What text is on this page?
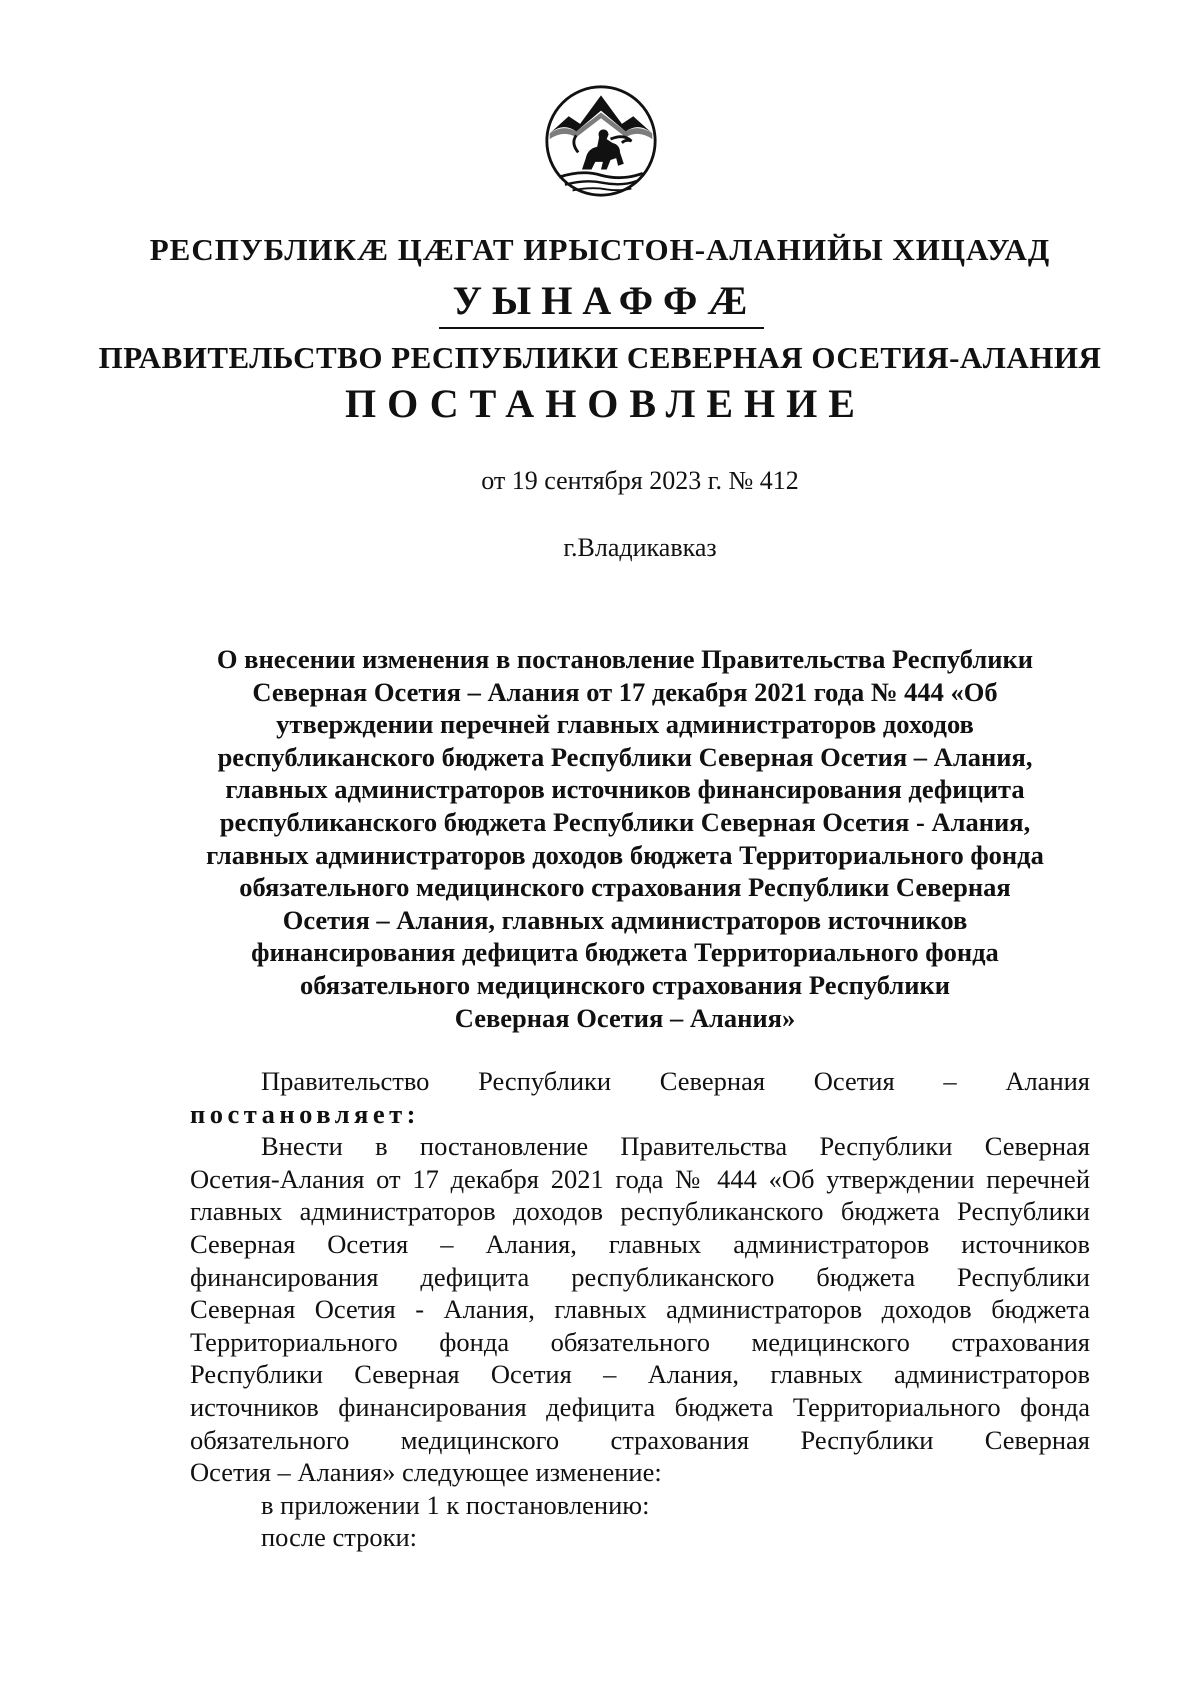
РЕСПУБЛИКӔ ЦӔГАТ ИРЫСТОН-АЛАНИЙЫ ХИЦАУАД
УЫНАФФӔ
ПРАВИТЕЛЬСТВО РЕСПУБЛИКИ СЕВЕРНАЯ ОСЕТИЯ-АЛАНИЯ
ПОСТАНОВЛЕНИЕ
от 19 сентября 2023 г. № 412
г.Владикавказ
О внесении изменения в постановление Правительства Республики
Северная Осетия – Алания от 17 декабря 2021 года № 444 «Об
утверждении перечней главных администраторов доходов
республиканского бюджета Республики Северная Осетия – Алания,
главных администраторов источников финансирования дефицита
республиканского бюджета Республики Северная Осетия - Алания,
главных администраторов доходов бюджета Территориального фонда
обязательного медицинского страхования Республики Северная
Осетия – Алания, главных администраторов источников
финансирования дефицита бюджета Территориального фонда
обязательного медицинского страхования Республики
Северная Осетия – Алания»
Правительство Республики Северная Осетия – Алания
постановляет:
Внести в постановление Правительства Республики Северная
Осетия-Алания от 17 декабря 2021 года № 444 «Об утверждении перечней
главных администраторов доходов республиканского бюджета Республики
Северная Осетия – Алания, главных администраторов источников
финансирования дефицита республиканского бюджета Республики
Северная Осетия - Алания, главных администраторов доходов бюджета
Территориального фонда обязательного медицинского страхования
Республики Северная Осетия – Алания, главных администраторов
источников финансирования дефицита бюджета Территориального фонда
обязательного медицинского страхования Республики Северная
Осетия – Алания» следующее изменение:
в приложении 1 к постановлению:
после строки:
